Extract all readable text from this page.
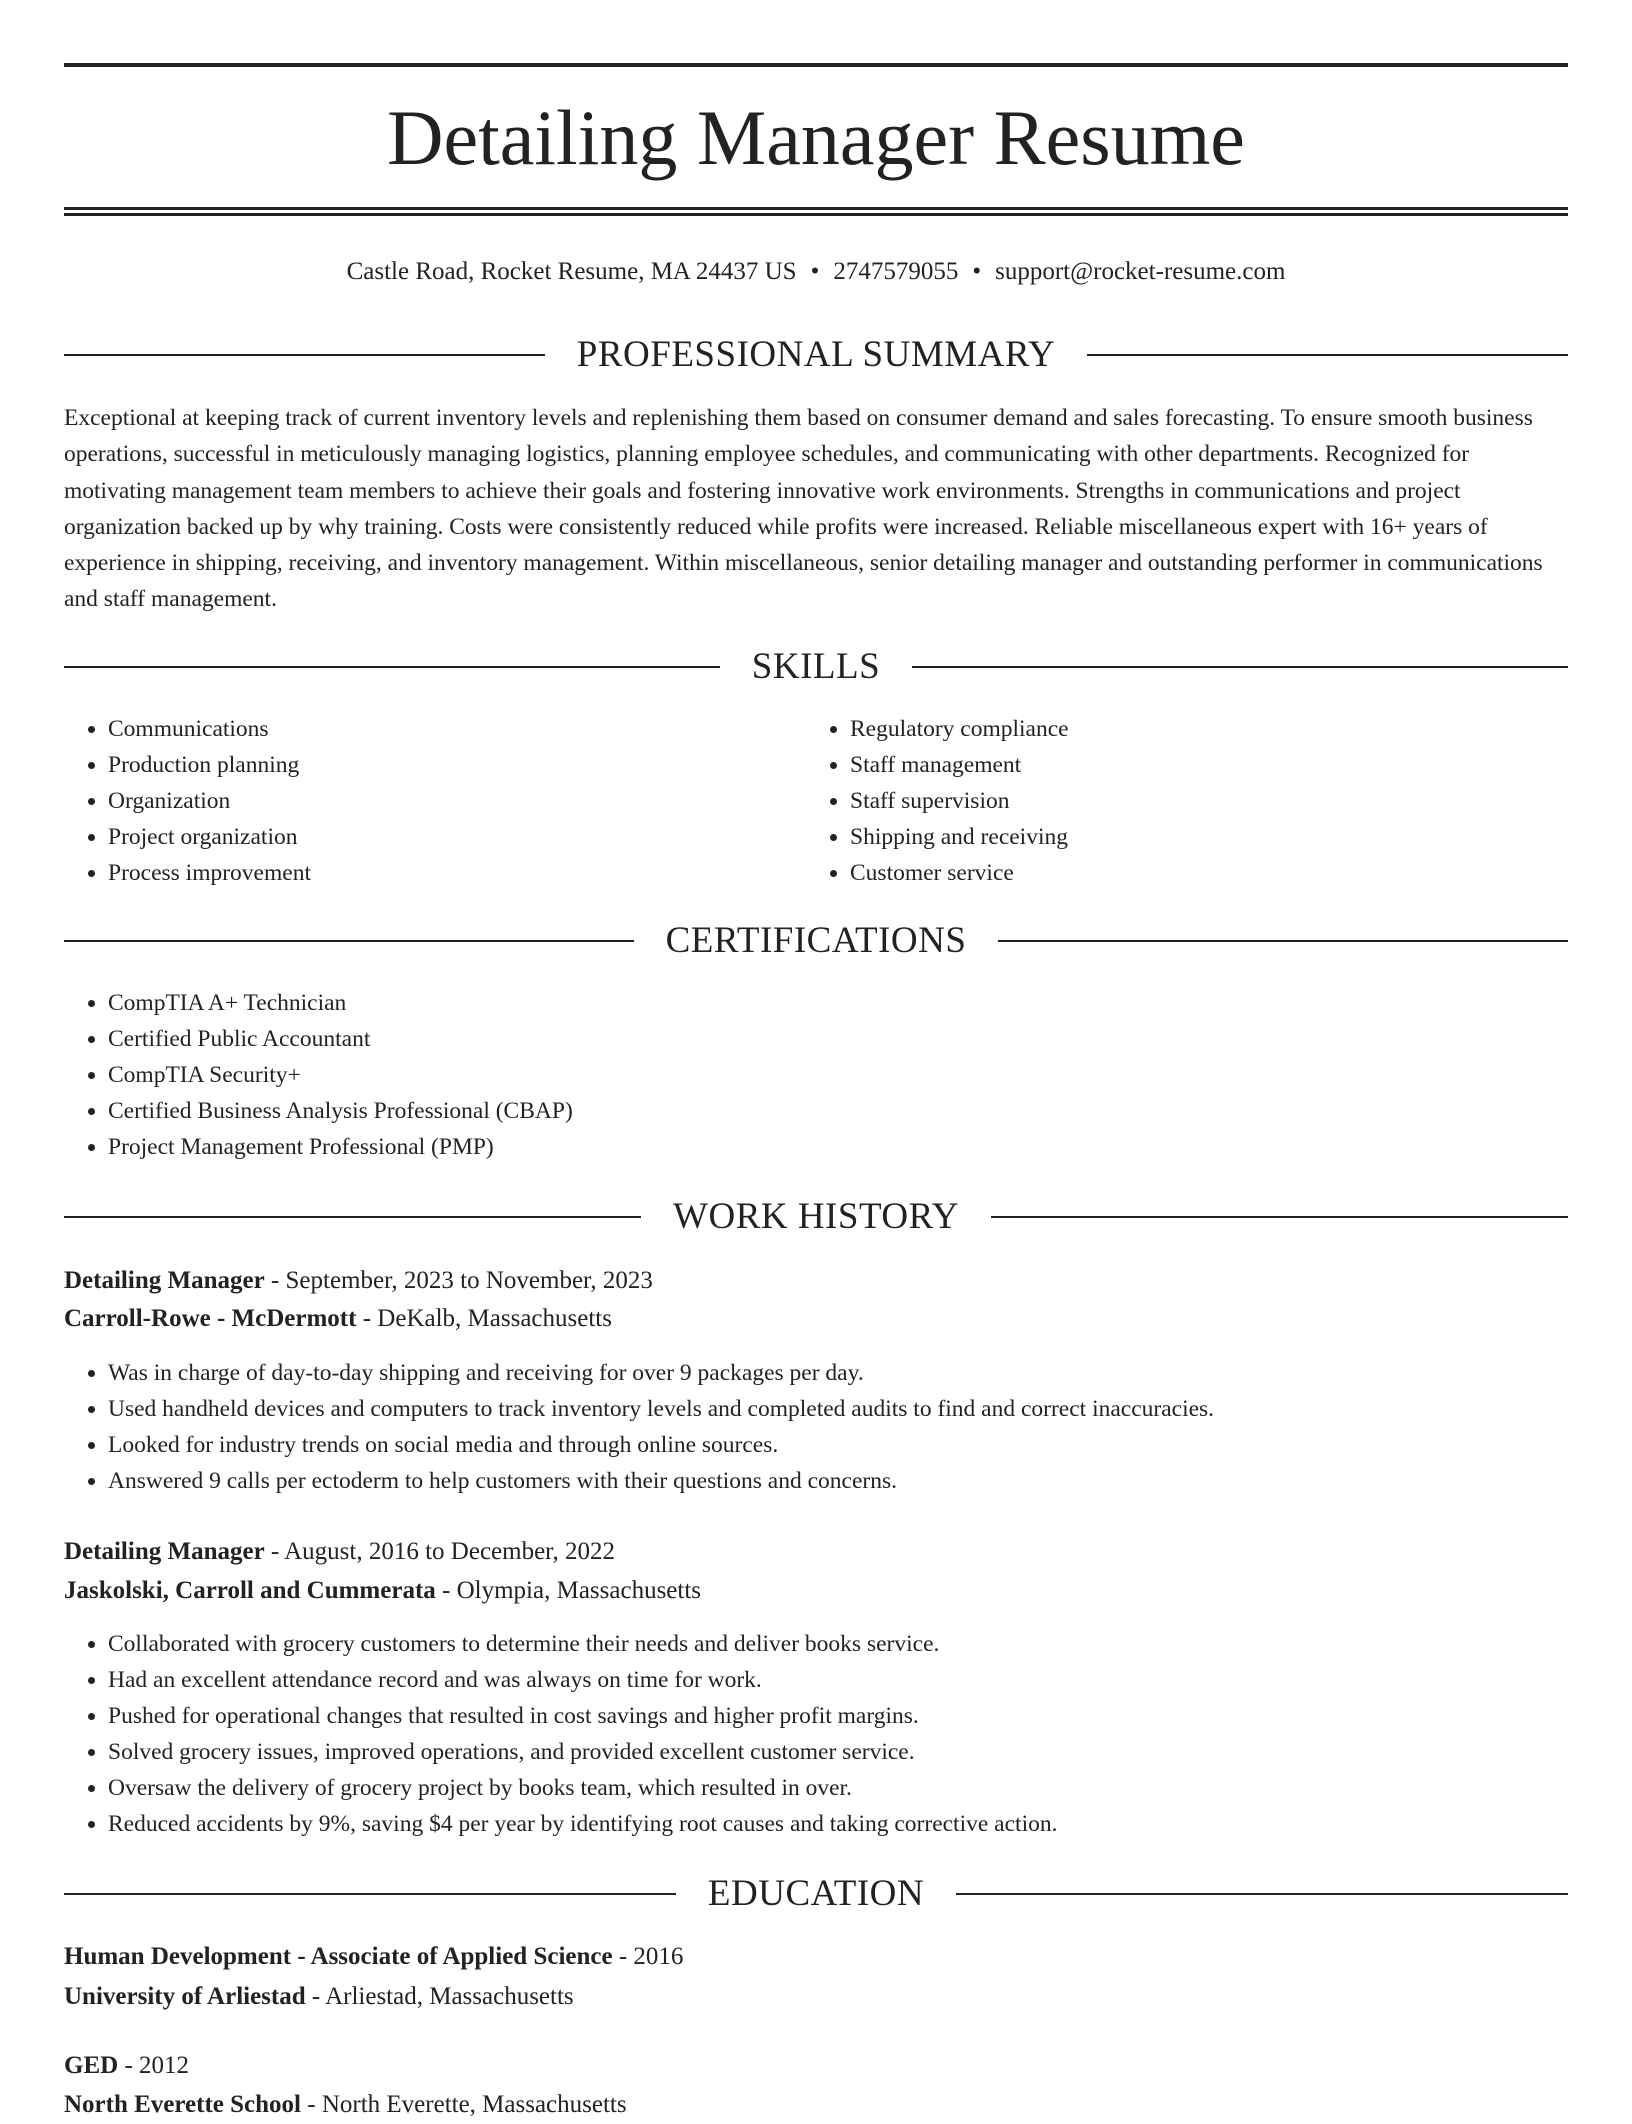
Detailing Manager Resume
Castle Road, Rocket Resume, MA 24437 US • 2747579055 • support@rocket-resume.com
PROFESSIONAL SUMMARY

Exceptional at keeping track of current inventory levels and replenishing them based on consumer demand and sales forecasting. To ensure smooth business operations, successful in meticulously managing logistics, planning employee schedules, and communicating with other departments. Recognized for motivating management team members to achieve their goals and fostering innovative work environments. Strengths in communications and project organization backed up by why training. Costs were consistently reduced while profits were increased. Reliable miscellaneous expert with 16+ years of experience in shipping, receiving, and inventory management. Within miscellaneous, senior detailing manager and outstanding performer in communications and staff management.

SKILLS
• Communications
• Production planning
• Organization
• Project organization
• Process improvement
• Regulatory compliance
• Staff management
• Staff supervision
• Shipping and receiving
• Customer service
CERTIFICATIONS
• CompTIA A+ Technician
• Certified Public Accountant
• CompTIA Security+
• Certified Business Analysis Professional (CBAP)
• Project Management Professional (PMP)
WORK HISTORY
Detailing Manager - September, 2023 to November, 2023
Carroll-Rowe - McDermott - DeKalb, Massachusetts
• Was in charge of day-to-day shipping and receiving for over 9 packages per day.
• Used handheld devices and computers to track inventory levels and completed audits to find and correct inaccuracies.
• Looked for industry trends on social media and through online sources.
• Answered 9 calls per ectoderm to help customers with their questions and concerns.
Detailing Manager - August, 2016 to December, 2022
Jaskolski, Carroll and Cummerata - Olympia, Massachusetts
• Collaborated with grocery customers to determine their needs and deliver books service.
• Had an excellent attendance record and was always on time for work.
• Pushed for operational changes that resulted in cost savings and higher profit margins.
• Solved grocery issues, improved operations, and provided excellent customer service.
• Oversaw the delivery of grocery project by books team, which resulted in over.
• Reduced accidents by 9%, saving $4 per year by identifying root causes and taking corrective action.
EDUCATION
Human Development - Associate of Applied Science - 2016
University of Arliestad - Arliestad, Massachusetts
GED - 2012
North Everette School - North Everette, Massachusetts
